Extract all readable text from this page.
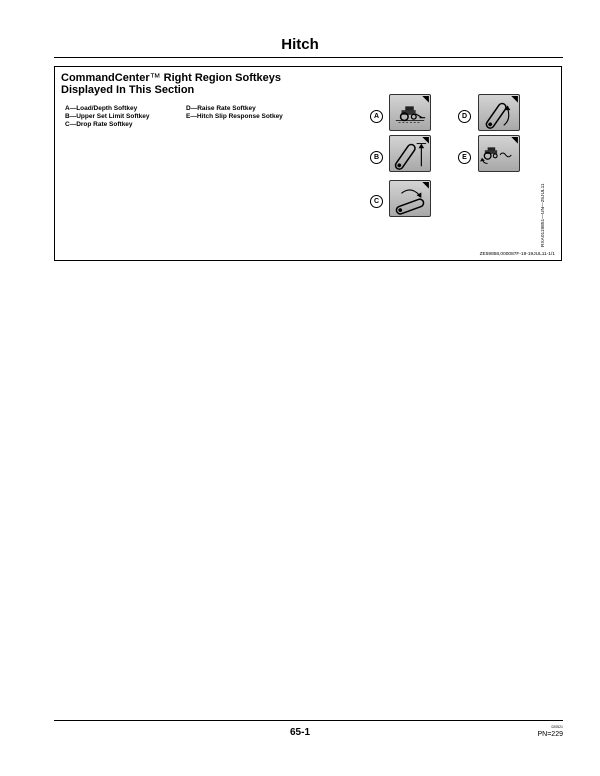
Hitch
CommandCenter™ Right Region Softkeys
Displayed In This Section
A—Load/Depth Softkey
B—Upper Set Limit Softkey
C—Drop Rate Softkey
D—Raise Rate Softkey
E—Hitch Slip Response Sotkey	A	D
B	E
C	RXA0119851—UN—25JUL11
ZE59858,000087F-19-19JUL11-1/1
65-1	020521
PN=229
